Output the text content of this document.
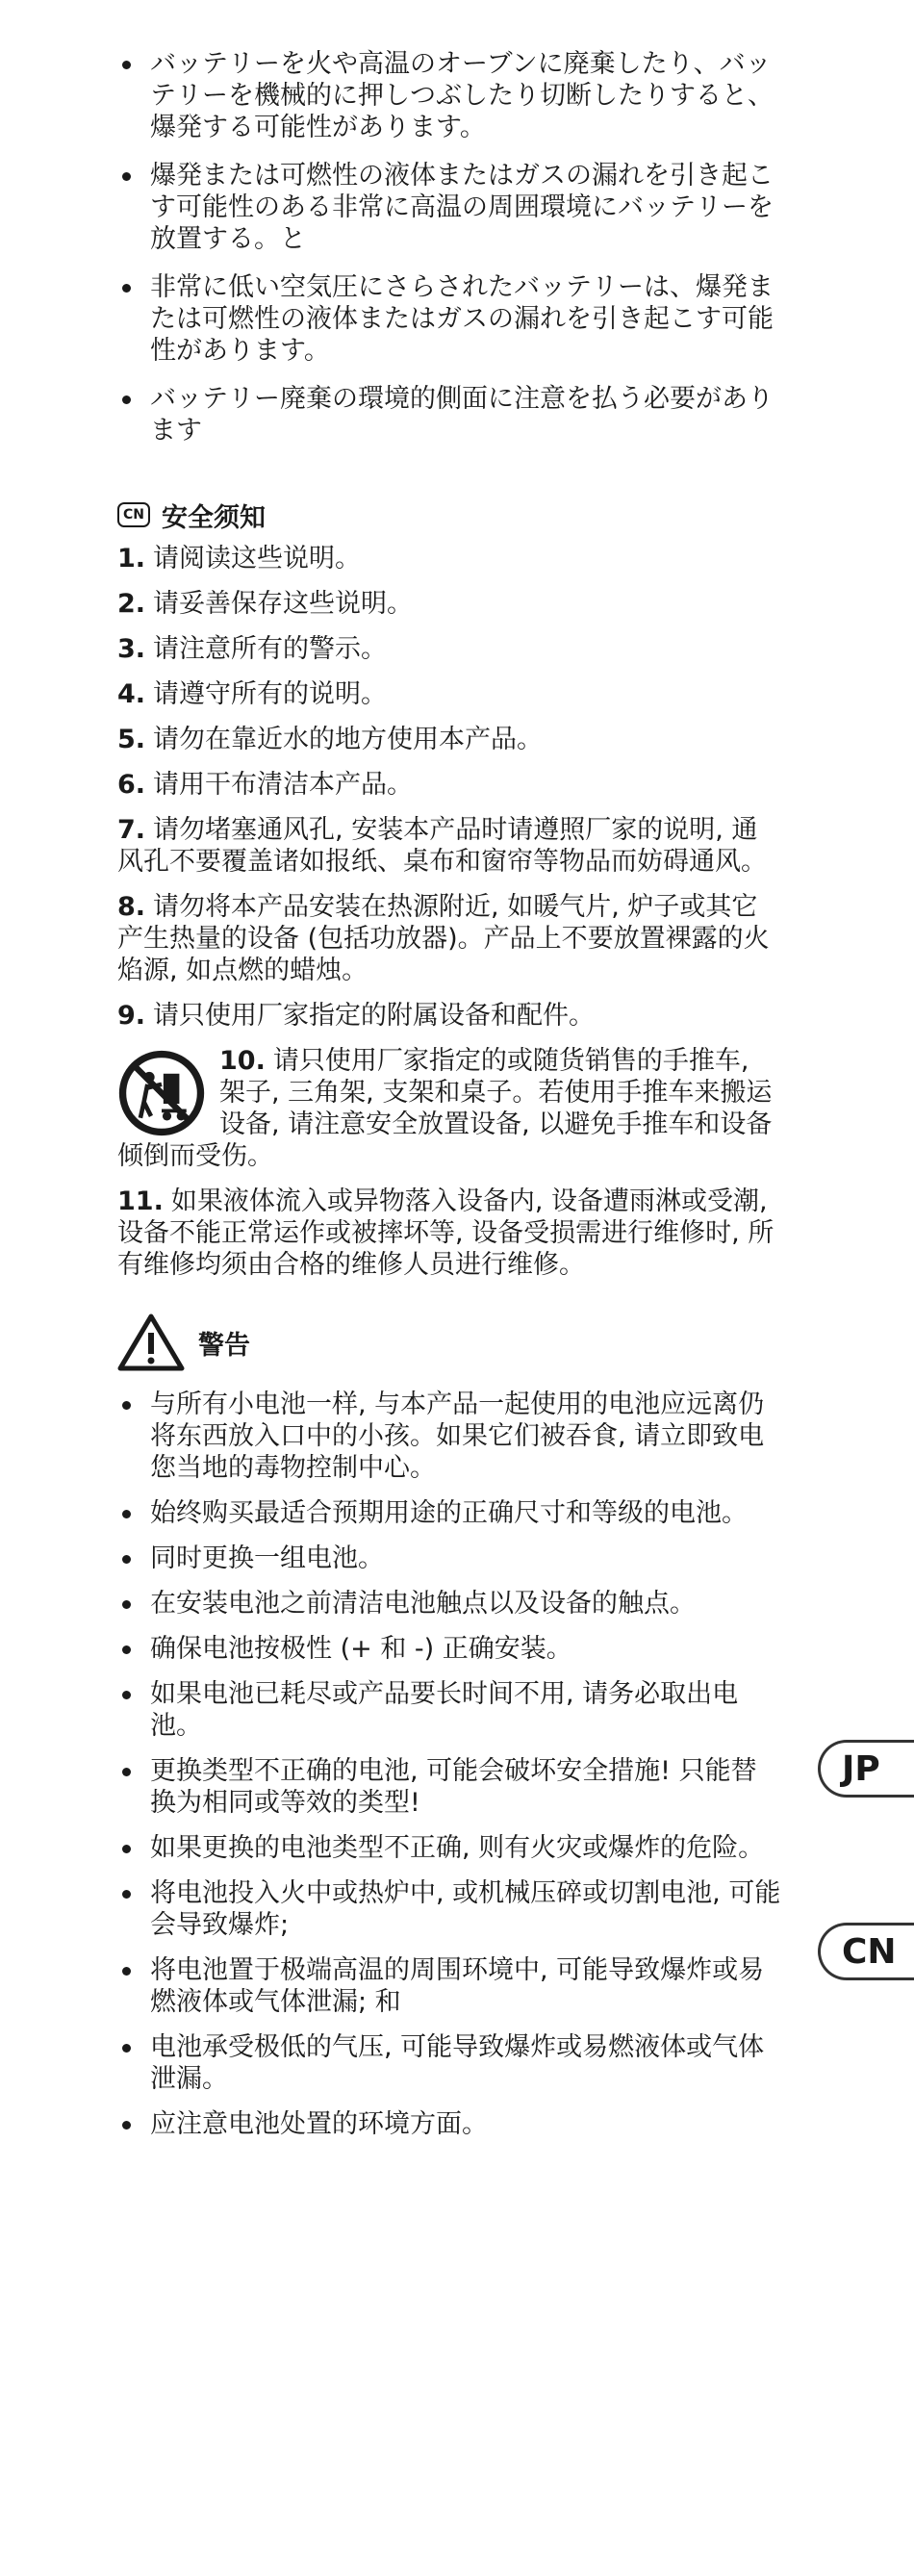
バッテリーを火や高温のオーブンに廃棄したり、バッテリーを機械的に押しつぶしたり切断したりすると、爆発する可能性があります。
爆発または可燃性の液体またはガスの漏れを引き起こす可能性のある非常に高温の周囲環境にバッテリーを放置する。と
非常に低い空気圧にさらされたバッテリーは、爆発または可燃性の液体またはガスの漏れを引き起こす可能性があります。
バッテリー廃棄の環境的側面に注意を払う必要があります
CN 安全须知
1. 请阅读这些说明。
2. 请妥善保存这些说明。
3. 请注意所有的警示。
4. 请遵守所有的说明。
5. 请勿在靠近水的地方使用本产品。
6. 请用干布清洁本产品。
7. 请勿堵塞通风孔, 安装本产品时请遵照厂家的说明, 通风孔不要覆盖诸如报纸、桌布和窗帘等物品而妨碍通风。
8. 请勿将本产品安装在热源附近, 如暖气片, 炉子或其它产生热量的设备 (包括功放器)。产品上不要放置裸露的火焰源, 如点燃的蜡烛。
9. 请只使用厂家指定的附属设备和配件。
10. 请只使用厂家指定的或随货销售的手推车, 架子, 三角架, 支架和桌子。若使用手推车来搬运设备, 请注意安全放置设备, 以避免手推车和设备倾倒而受伤。
11. 如果液体流入或异物落入设备内, 设备遭雨淋或受潮, 设备不能正常运作或被摔坏等, 设备受损需进行维修时, 所有维修均须由合格的维修人员进行维修。
警告
与所有小电池一样, 与本产品一起使用的电池应远离仍将东西放入口中的小孩。如果它们被吞食, 请立即致电您当地的毒物控制中心。
始终购买最适合预期用途的正确尺寸和等级的电池。
同时更换一组电池。
在安装电池之前清洁电池触点以及设备的触点。
确保电池按极性 (+ 和 -) 正确安装。
如果电池已耗尽或产品要长时间不用, 请务必取出电池。
更换类型不正确的电池, 可能会破坏安全措施! 只能替换为相同或等效的类型!
如果更换的电池类型不正确, 则有火灾或爆炸的危险。
将电池投入火中或热炉中, 或机械压碎或切割电池, 可能会导致爆炸;
将电池置于极端高温的周围环境中, 可能导致爆炸或易燃液体或气体泄漏; 和
电池承受极低的气压, 可能导致爆炸或易燃液体或气体泄漏。
应注意电池处置的环境方面。
JP
CN
